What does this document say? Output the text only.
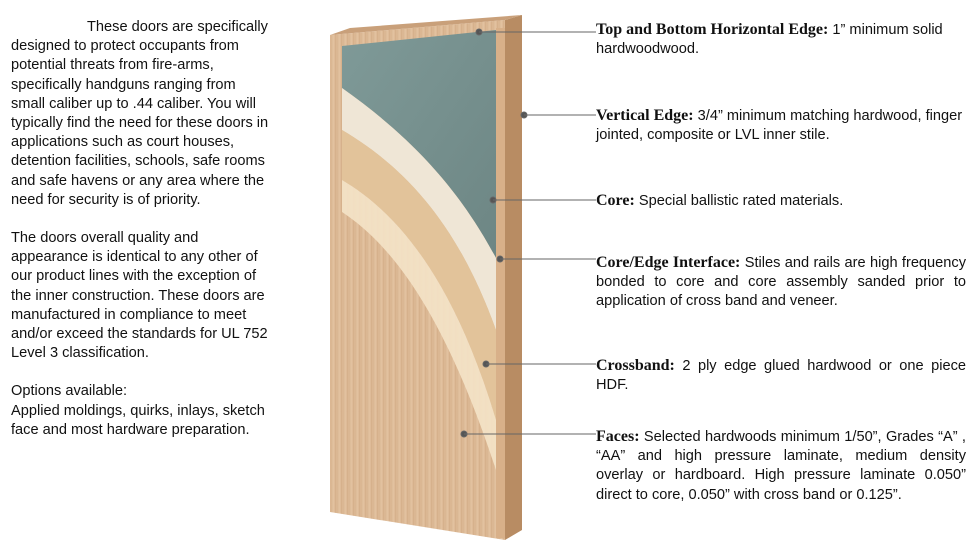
These doors are specifically designed to protect occupants from potential threats from fire-arms, specifically handguns ranging from small caliber up to .44 caliber. You will typically find the need for these doors in applications such as court houses, detention facilities, schools, safe rooms and safe havens or any area where the need for security is of priority.

The doors overall quality and appearance is identical to any other of our product lines with the exception of the inner construction. These doors are manufactured in compliance to meet and/or exceed the standards for UL 752 Level 3 classification.

Options available:
Applied moldings, quirks, inlays, sketch face and most hardware preparation.

Top and Bottom Horizontal Edge: 1” minimum solid hardwoodwood.
Vertical Edge: 3/4” minimum matching hardwood, finger jointed, composite or LVL inner stile.
Core: Special ballistic rated materials.
Core/Edge Interface: Stiles and rails are high frequency bonded to core and core assembly sanded prior to application of cross band and veneer.
Crossband: 2 ply edge glued hardwood or one piece HDF.
Faces: Selected hardwoods minimum 1/50”, Grades “A” , “AA” and high pressure laminate, medium density overlay or hardboard. High pressure laminate 0.050” direct to core, 0.050” with cross band or 0.125”.
